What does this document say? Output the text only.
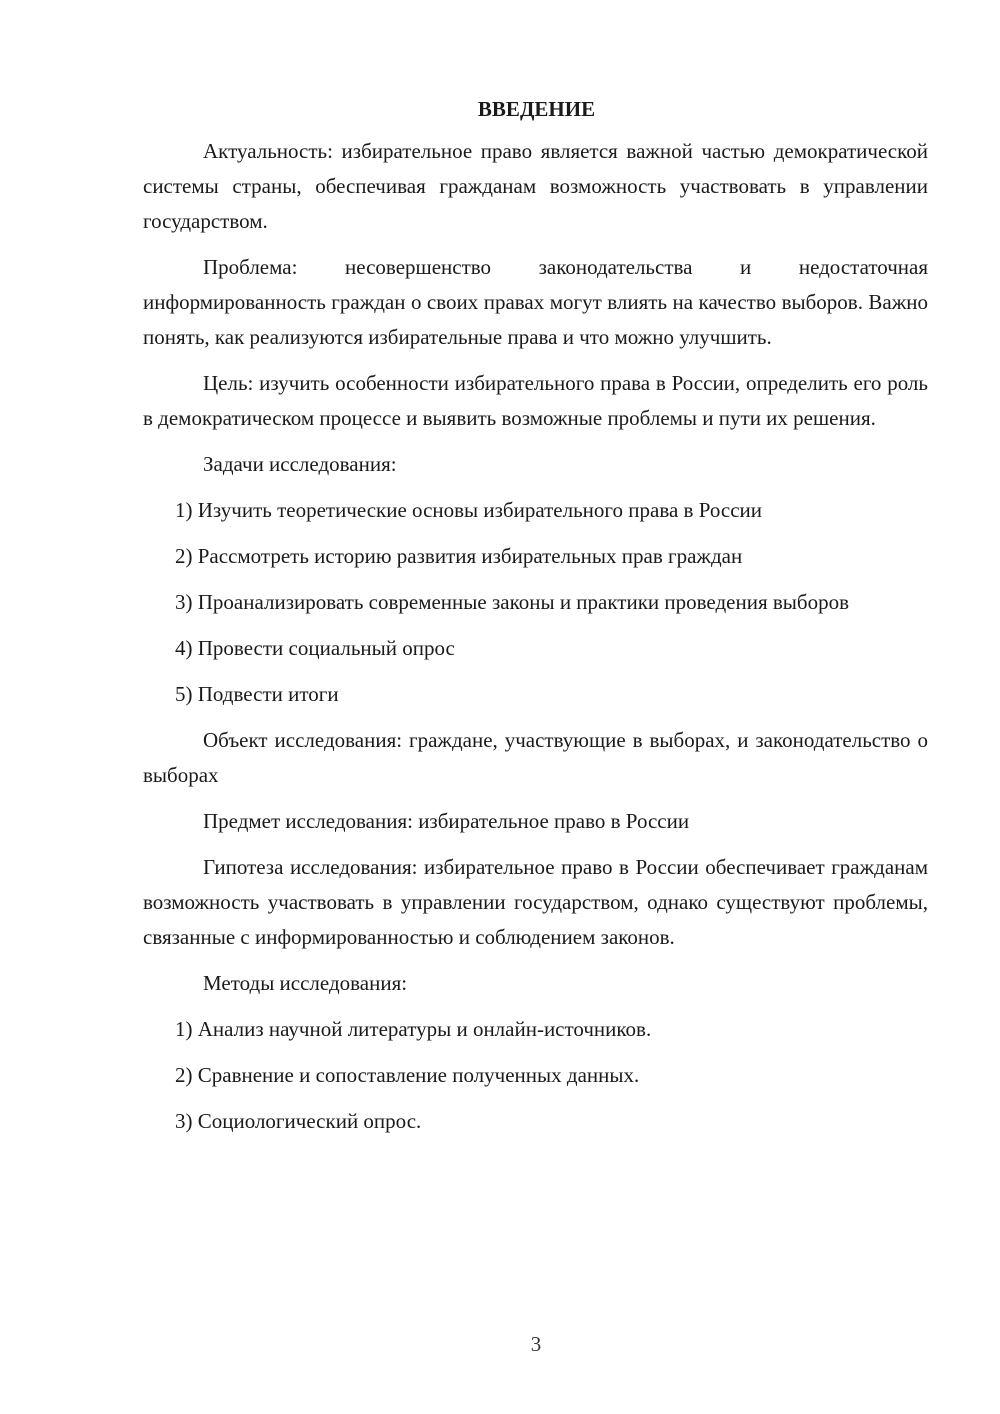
ВВЕДЕНИЕ

Актуальность: избирательное право является важной частью демократической системы страны, обеспечивая гражданам возможность участвовать в управлении государством.

Проблема: несовершенство законодательства и недостаточная информированность граждан о своих правах могут влиять на качество выборов. Важно понять, как реализуются избирательные права и что можно улучшить.

Цель: изучить особенности избирательного права в России, определить его роль в демократическом процессе и выявить возможные проблемы и пути их решения.

Задачи исследования:

1) Изучить теоретические основы избирательного права в России

2) Рассмотреть историю развития избирательных прав граждан

3) Проанализировать современные законы и практики проведения выборов

4) Провести социальный опрос

5) Подвести итоги

Объект исследования: граждане, участвующие в выборах, и законодательство о выборах

Предмет исследования: избирательное право в России

Гипотеза исследования: избирательное право в России обеспечивает гражданам возможность участвовать в управлении государством, однако существуют проблемы, связанные с информированностью и соблюдением законов.

Методы исследования:

1) Анализ научной литературы и онлайн-источников.

2) Сравнение и сопоставление полученных данных.

3) Социологический опрос.

3
